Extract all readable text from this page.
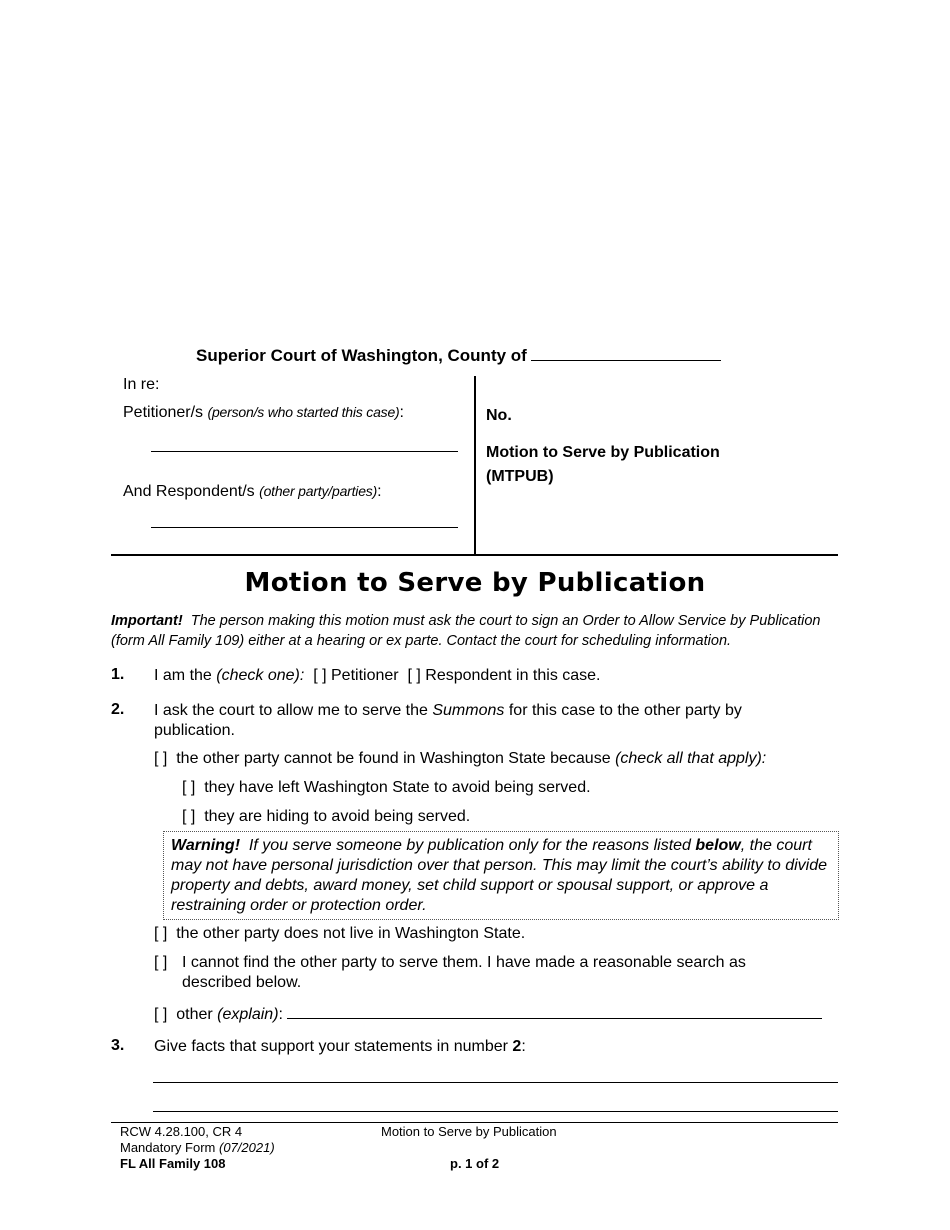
Superior Court of Washington, County of
In re:
Petitioner/s (person/s who started this case):
And Respondent/s (other party/parties):
No.
Motion to Serve by Publication
(MTPUB)
Motion to Serve by Publication
Important! The person making this motion must ask the court to sign an Order to Allow Service by Publication (form All Family 109) either at a hearing or ex parte. Contact the court for scheduling information.
1. I am the (check one): [ ] Petitioner [ ] Respondent in this case.
2. I ask the court to allow me to serve the Summons for this case to the other party by publication.
[ ] the other party cannot be found in Washington State because (check all that apply):
[ ] they have left Washington State to avoid being served.
[ ] they are hiding to avoid being served.
Warning! If you serve someone by publication only for the reasons listed below, the court may not have personal jurisdiction over that person. This may limit the court’s ability to divide property and debts, award money, set child support or spousal support, or approve a restraining order or protection order.
[ ] the other party does not live in Washington State.
[ ] I cannot find the other party to serve them. I have made a reasonable search as described below.
[ ] other (explain):
3. Give facts that support your statements in number 2:
RCW 4.28.100, CR 4
Mandatory Form (07/2021)
FL All Family 108
Motion to Serve by Publication
p. 1 of 2
